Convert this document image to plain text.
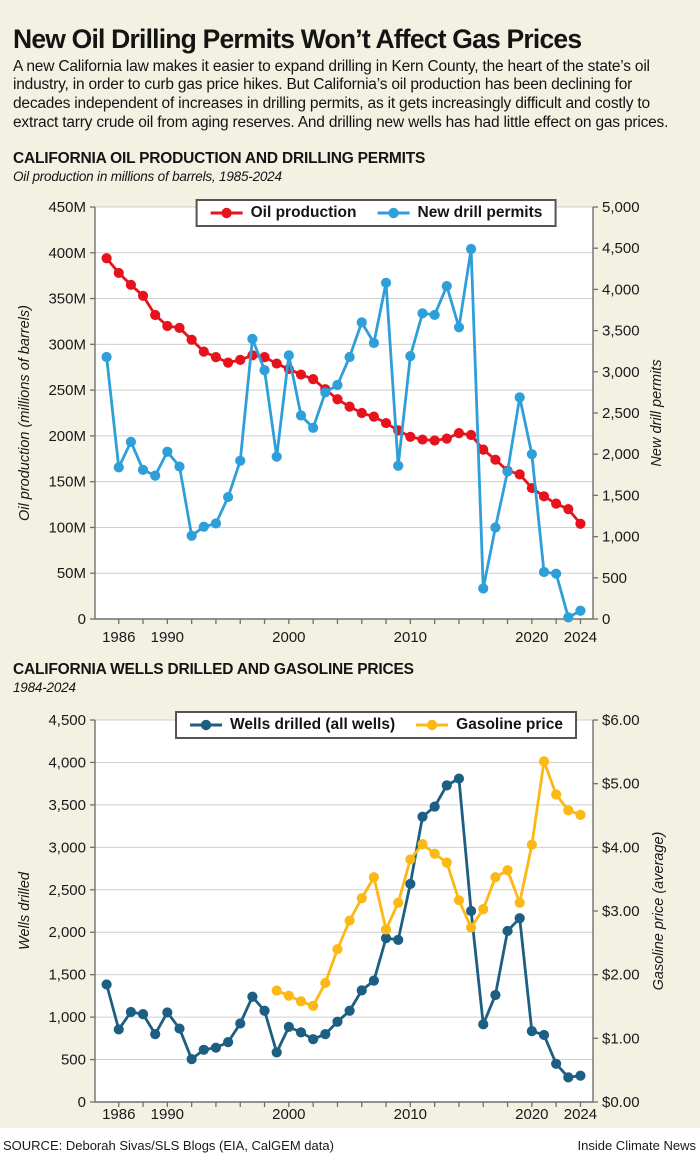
New Oil Drilling Permits Won’t Affect Gas Prices

A new California law makes it easier to expand drilling in Kern County, the heart of the state’s oil industry, in order to curb gas price hikes. But California’s oil production has been declining for decades independent of increases in drilling permits, as it gets increasingly difficult and costly to extract tarry crude oil from aging reserves. And drilling new wells has had little effect on gas prices.

CALIFORNIA OIL PRODUCTION AND DRILLING PERMITS
Oil production in millions of barrels, 1985-2024
Oil production	New drill permits
450M
400M
350M
300M
250M
200M
150M
100M
50M
0
5,000
4,500
4,000
3,500
3,000
2,500
2,000
1,500
1,000
500
0
1986 1990	2000	2010	2020 2024
Oil production (millions of barrels)	New drill permits
CALIFORNIA WELLS DRILLED AND GASOLINE PRICES
1984-2024
Wells drilled (all wells)	Gasoline price
4,500
4,000
3,500
3,000
2,500
2,000
1,500
1,000
500
0
$6.00
$5.00
$4.00
$3.00
$2.00
$1.00
$0.00
1986 1990	2000	2010	2020 2024
Wells drilled	Gasoline price (average)
SOURCE: Deborah Sivas/SLS Blogs (EIA, CalGEM data)	Inside Climate News
